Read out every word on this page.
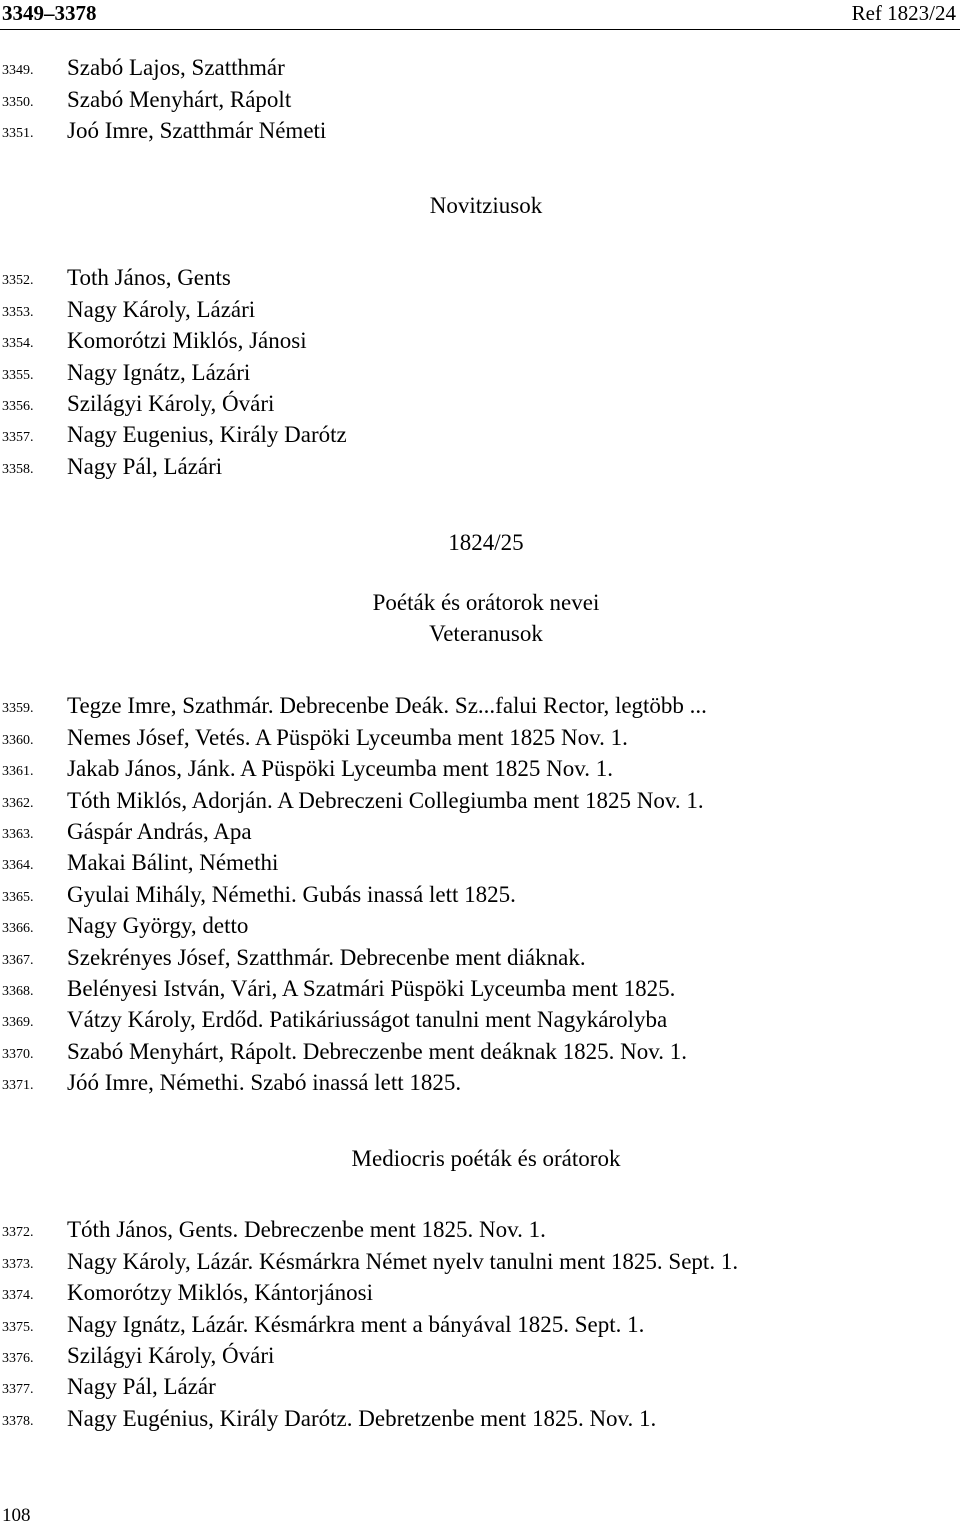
3349–3378	Ref 1823/24
3349. Szabó Lajos, Szatthmár
3350. Szabó Menyhárt, Rápolt
3351. Joó Imre, Szatthmár Németi
Novitziusok
3352. Toth János, Gents
3353. Nagy Károly, Lázári
3354. Komorótzi Miklós, Jánosi
3355. Nagy Ignátz, Lázári
3356. Szilágyi Károly, Óvári
3357. Nagy Eugenius, Király Darótz
3358. Nagy Pál, Lázári
1824/25
Poéták és orátorok nevei
Veteranusok
3359. Tegze Imre, Szathmár. Debrecenbe Deák. Sz...falui Rector, legtöbb ...
3360. Nemes Jósef, Vetés. A Püspöki Lyceumba ment 1825 Nov. 1.
3361. Jakab János, Jánk. A Püspöki Lyceumba ment 1825 Nov. 1.
3362. Tóth Miklós, Adorján. A Debreczeni Collegiumba ment 1825 Nov. 1.
3363. Gáspár András, Apa
3364. Makai Bálint, Némethi
3365. Gyulai Mihály, Némethi. Gubás inassá lett 1825.
3366. Nagy György, detto
3367. Szekrényes Jósef, Szatthmár. Debrecenbe ment diáknak.
3368. Belényesi István, Vári, A Szatmári Püspöki Lyceumba ment 1825.
3369. Vátzy Károly, Erdőd. Patikáriusságot tanulni ment Nagykárolyba
3370. Szabó Menyhárt, Rápolt. Debreczenbe ment deáknak 1825. Nov. 1.
3371. Jóó Imre, Némethi. Szabó inassá lett 1825.
Mediocris poéták és orátorok
3372. Tóth János, Gents. Debreczenbe ment 1825. Nov. 1.
3373. Nagy Károly, Lázár. Késmárkra Német nyelv tanulni ment 1825. Sept. 1.
3374. Komorótzy Miklós, Kántorjánosi
3375. Nagy Ignátz, Lázár. Késmárkra ment a bányával 1825. Sept. 1.
3376. Szilágyi Károly, Óvári
3377. Nagy Pál, Lázár
3378. Nagy Eugénius, Király Darótz. Debretzenbe ment 1825. Nov. 1.
108
